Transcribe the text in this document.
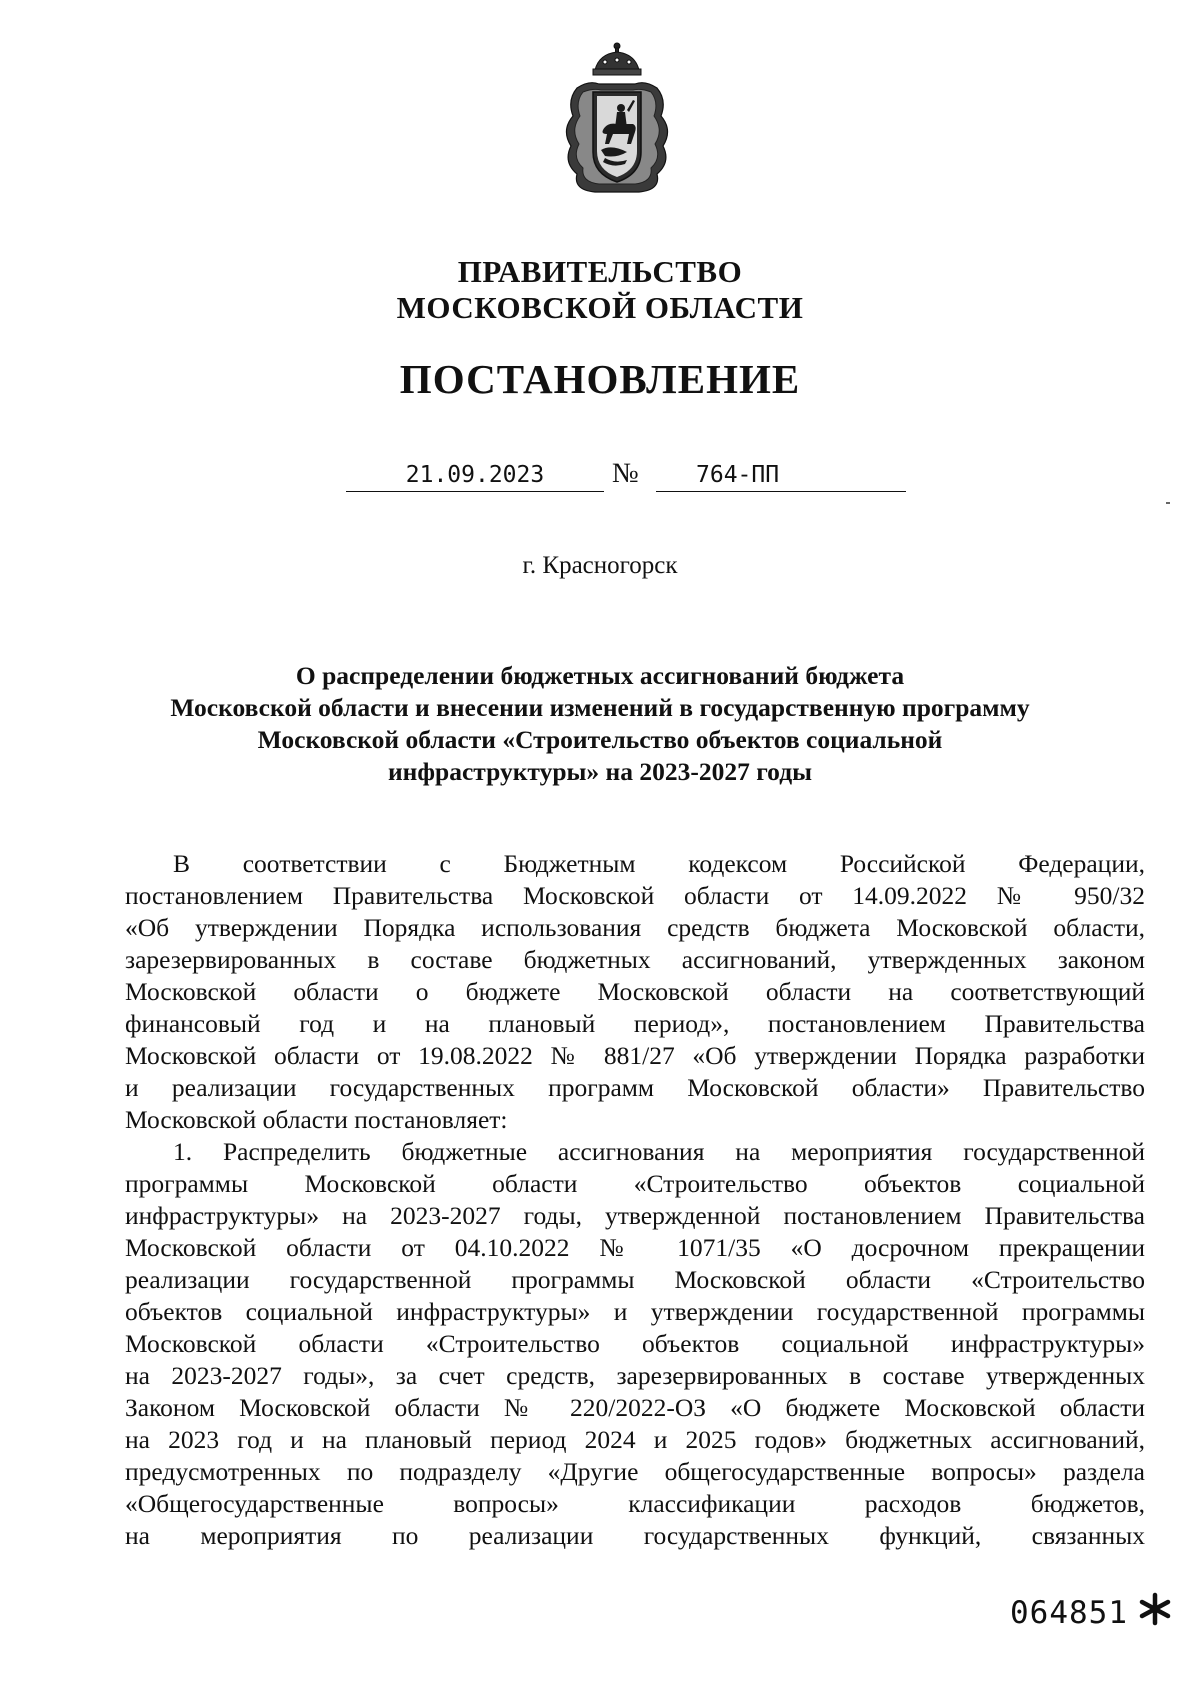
ПРАВИТЕЛЬСТВО
МОСКОВСКОЙ ОБЛАСТИ
ПОСТАНОВЛЕНИЕ
21.09.2023	№	764-ПП
г. Красногорск
О распределении бюджетных ассигнований бюджета
Московской области и внесении изменений в государственную программу
Московской области «Строительство объектов социальной
инфраструктуры» на 2023-2027 годы
В соответствии с Бюджетным кодексом Российской Федерации,
постановлением Правительства Московской области от 14.09.2022 № 950/32
«Об утверждении Порядка использования средств бюджета Московской области,
зарезервированных в составе бюджетных ассигнований, утвержденных законом
Московской области о бюджете Московской области на соответствующий
финансовый год и на плановый период», постановлением Правительства
Московской области от 19.08.2022 № 881/27 «Об утверждении Порядка разработки
и реализации государственных программ Московской области» Правительство
Московской области постановляет:
1. Распределить бюджетные ассигнования на мероприятия государственной
программы Московской области «Строительство объектов социальной
инфраструктуры» на 2023-2027 годы, утвержденной постановлением Правительства
Московской области от 04.10.2022 № 1071/35 «О досрочном прекращении
реализации государственной программы Московской области «Строительство
объектов социальной инфраструктуры» и утверждении государственной программы
Московской области «Строительство объектов социальной инфраструктуры»
на 2023-2027 годы», за счет средств, зарезервированных в составе утвержденных
Законом Московской области № 220/2022-ОЗ «О бюджете Московской области
на 2023 год и на плановый период 2024 и 2025 годов» бюджетных ассигнований,
предусмотренных по подразделу «Другие общегосударственные вопросы» раздела
«Общегосударственные вопросы» классификации расходов бюджетов,
на мероприятия по реализации государственных функций, связанных
064851
